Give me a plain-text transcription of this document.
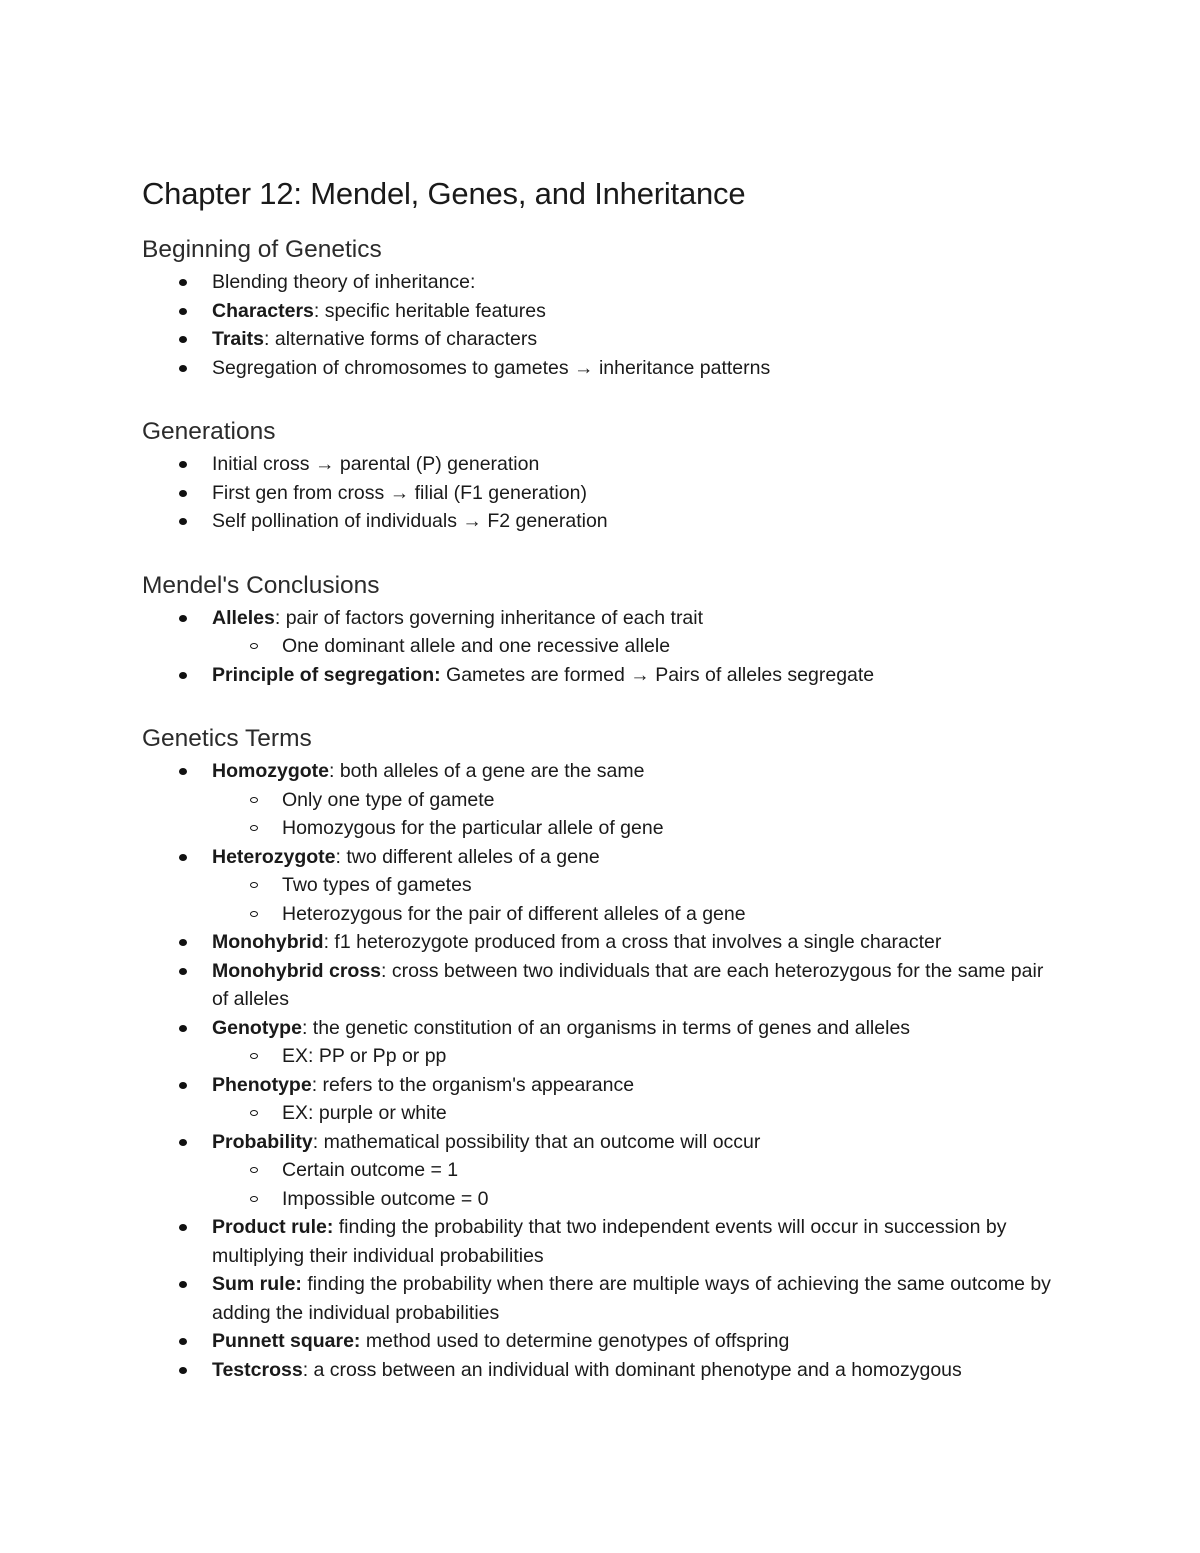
Chapter 12: Mendel, Genes, and Inheritance
Beginning of Genetics
Blending theory of inheritance:
Characters: specific heritable features
Traits: alternative forms of characters
Segregation of chromosomes to gametes → inheritance patterns
Generations
Initial cross → parental (P) generation
First gen from cross → filial (F1 generation)
Self pollination of individuals → F2 generation
Mendel's Conclusions
Alleles: pair of factors governing inheritance of each trait
One dominant allele and one recessive allele
Principle of segregation: Gametes are formed → Pairs of alleles segregate
Genetics Terms
Homozygote: both alleles of a gene are the same
Only one type of gamete
Homozygous for the particular allele of gene
Heterozygote: two different alleles of a gene
Two types of gametes
Heterozygous for the pair of different alleles of a gene
Monohybrid: f1 heterozygote produced from a cross that involves a single character
Monohybrid cross: cross between two individuals that are each heterozygous for the same pair of alleles
Genotype: the genetic constitution of an organisms in terms of genes and alleles
EX: PP or Pp or pp
Phenotype: refers to the organism's appearance
EX: purple or white
Probability: mathematical possibility that an outcome will occur
Certain outcome = 1
Impossible outcome = 0
Product rule: finding the probability that two independent events will occur in succession by multiplying their individual probabilities
Sum rule: finding the probability when there are multiple ways of achieving the same outcome by adding the individual probabilities
Punnett square: method used to determine genotypes of offspring
Testcross: a cross between an individual with dominant phenotype and a homozygous
